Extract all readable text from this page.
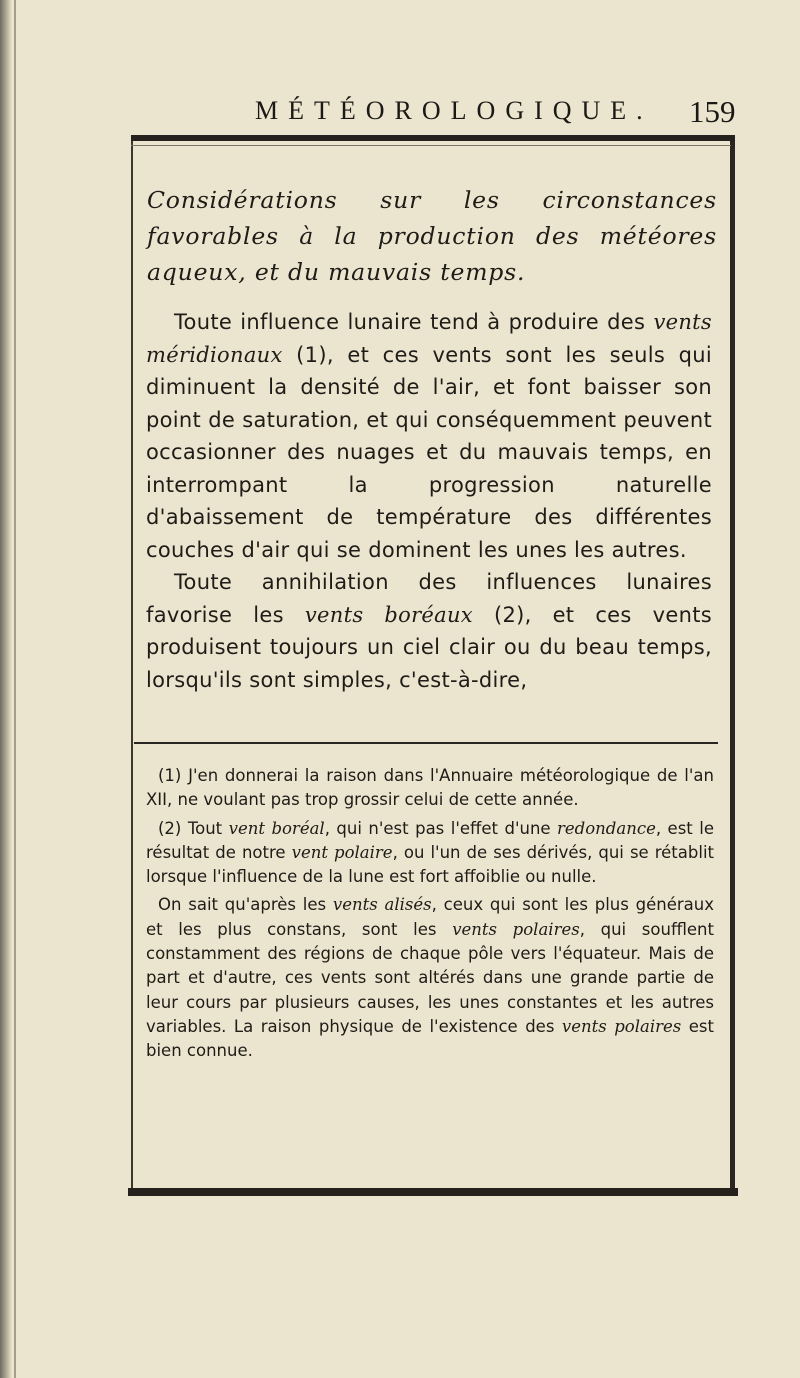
MÉTÉOROLOGIQUE. 159
Considérations sur les circonstances favorables à la production des météores aqueux, et du mauvais temps.

Toute influence lunaire tend à produire des vents méridionaux (1), et ces vents sont les seuls qui diminuent la densité de l'air, et font baisser son point de saturation, et qui conséquemment peuvent occasionner des nuages et du mauvais temps, en interrompant la progression naturelle d'abaissement de température des différentes couches d'air qui se dominent les unes les autres.

Toute annihilation des influences lunaires favorise les vents boréaux (2), et ces vents produisent toujours un ciel clair ou du beau temps, lorsqu'ils sont simples, c'est-à-dire,

(1) J'en donnerai la raison dans l'Annuaire météorologique de l'an XII, ne voulant pas trop grossir celui de cette année.

(2) Tout vent boréal, qui n'est pas l'effet d'une redondance, est le résultat de notre vent polaire, ou l'un de ses dérivés, qui se rétablit lorsque l'influence de la lune est fort affoiblie ou nulle.

On sait qu'après les vents alisés, ceux qui sont les plus généraux et les plus constans, sont les vents polaires, qui soufflent constamment des régions de chaque pôle vers l'équateur. Mais de part et d'autre, ces vents sont altérés dans une grande partie de leur cours par plusieurs causes, les unes constantes et les autres variables. La raison physique de l'existence des vents polaires est bien connue.
